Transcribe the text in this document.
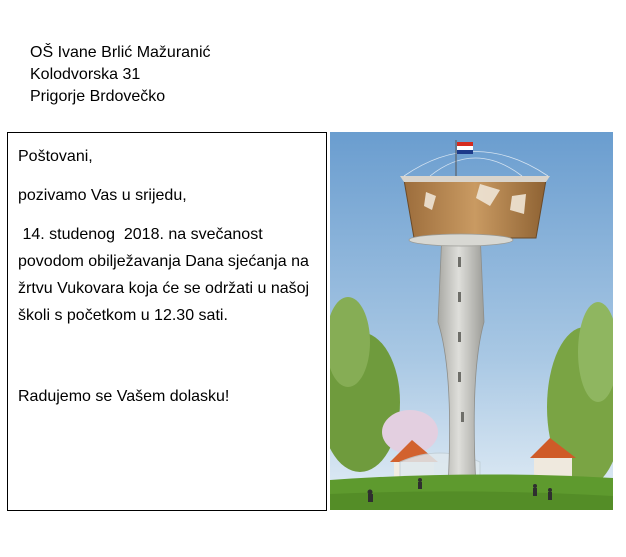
OŠ Ivane Brlić Mažuranić
Kolodvorska 31
Prigorje Brdovečko

Poštovani,

pozivamo Vas u srijedu,

14. studenog  2018. na svečanost povodom obilježavanja Dana sjećanja na žrtvu Vukovara koja će se održati u našoj  školi s početkom u 12.30 sati.

Radujemo se Vašem dolasku!
